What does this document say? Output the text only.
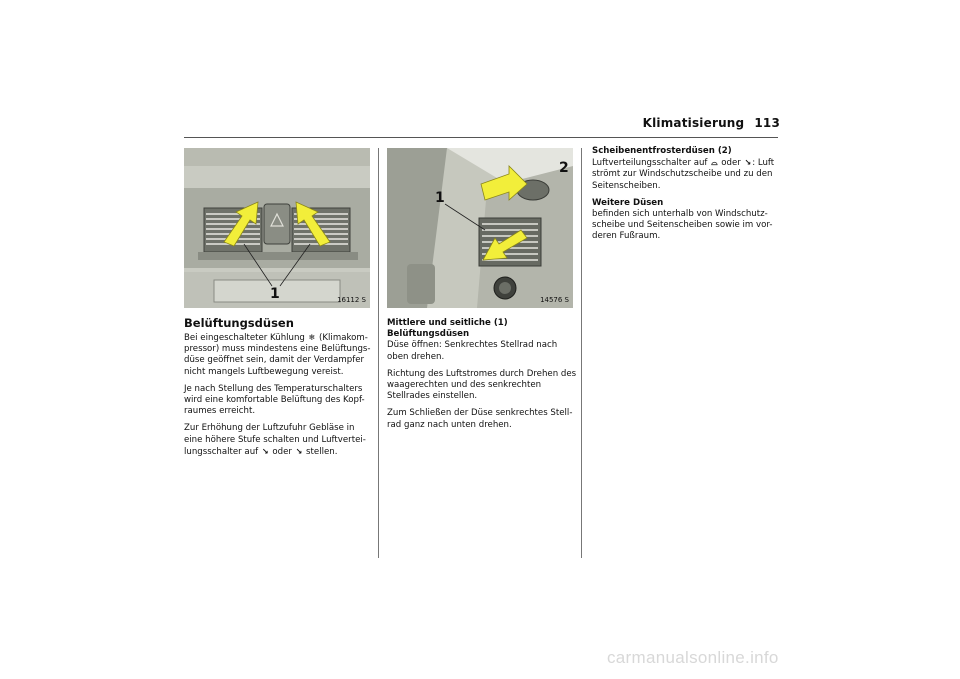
Klimatisierung 113
1	16112 S
1
2
14576 S
Belüftungsdüsen

Bei eingeschalteter Kühlung ❄ (Klimakom-pressor) muss mindestens eine Belüftungs-düse geöffnet sein, damit der Verdampfer nicht mangels Luftbewegung vereist.

Je nach Stellung des Temperaturschalters wird eine komfortable Belüftung des Kopf-raumes erreicht.

Zur Erhöhung der Luftzufuhr Gebläse in eine höhere Stufe schalten und Luftvertei-lungsschalter auf ↘ oder ↘ stellen.

Mittlere und seitliche (1) Belüftungsdüsen

Düse öffnen: Senkrechtes Stellrad nach oben drehen.

Richtung des Luftstromes durch Drehen des waagerechten und des senkrechten Stellrades einstellen.

Zum Schließen der Düse senkrechtes Stell-rad ganz nach unten drehen.

Scheibenentfrosterdüsen (2)

Luftverteilungsschalter auf ⌓ oder ↘: Luft strömt zur Windschutzscheibe und zu den Seitenscheiben.

Weitere Düsen

befinden sich unterhalb von Windschutz-scheibe und Seitenscheiben sowie im vor-deren Fußraum.

carmanualsonline.info
